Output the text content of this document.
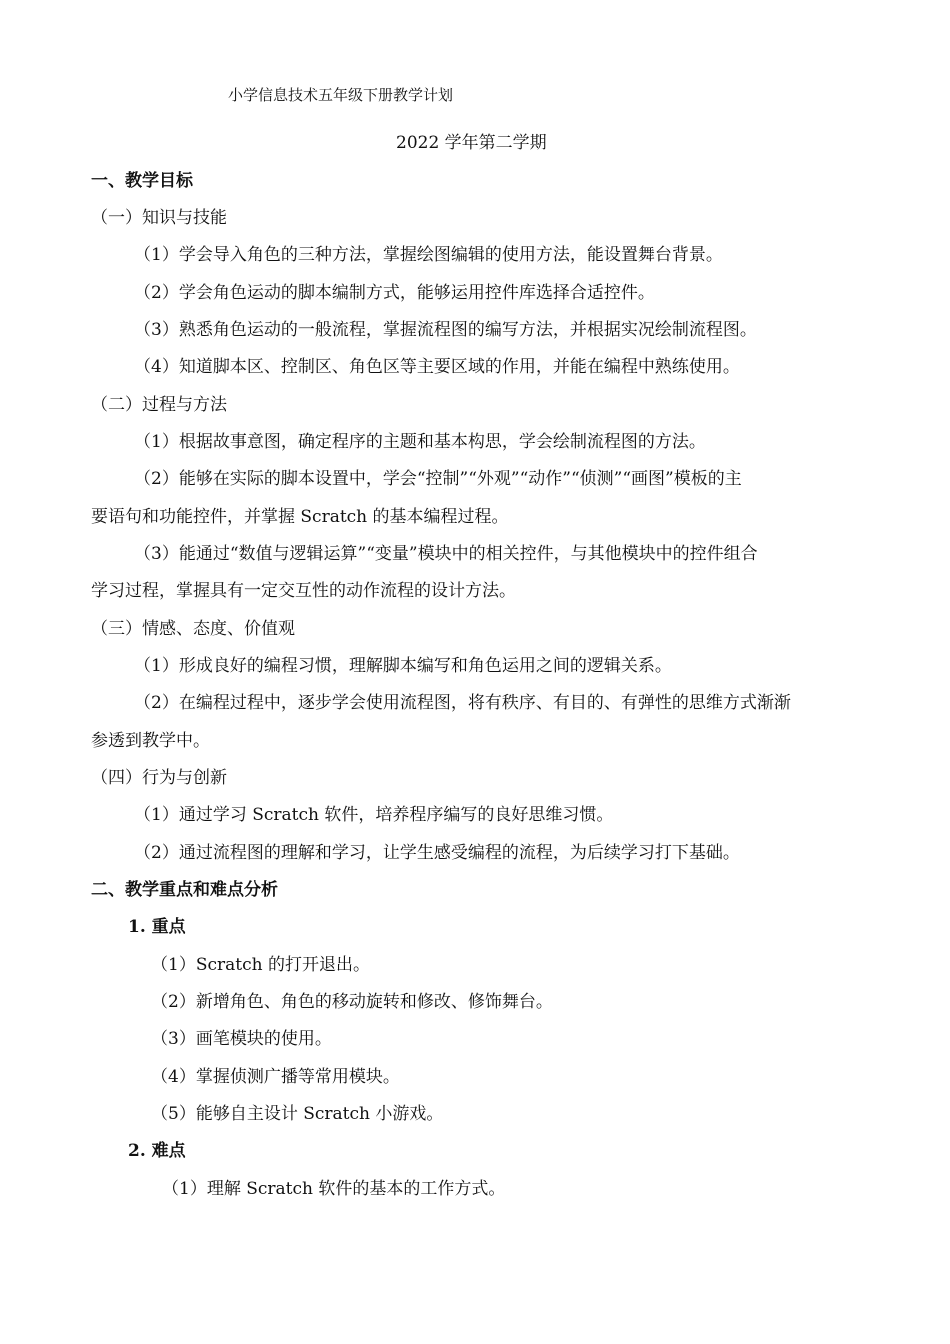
小学信息技术五年级下册教学计划
2022 学年第二学期
一、教学目标
（一）知识与技能
（1）学会导入角色的三种方法，掌握绘图编辑的使用方法，能设置舞台背景。
（2）学会角色运动的脚本编制方式，能够运用控件库选择合适控件。
（3）熟悉角色运动的一般流程，掌握流程图的编写方法，并根据实况绘制流程图。
（4）知道脚本区、控制区、角色区等主要区域的作用，并能在编程中熟练使用。
（二）过程与方法
（1）根据故事意图，确定程序的主题和基本构思，学会绘制流程图的方法。
（2）能够在实际的脚本设置中，学会“控制”“外观”“动作”“侦测”“画图”模板的主
要语句和功能控件，并掌握 Scratch 的基本编程过程。
（3）能通过“数值与逻辑运算”“变量”模块中的相关控件，与其他模块中的控件组合
学习过程，掌握具有一定交互性的动作流程的设计方法。
（三）情感、态度、价值观
（1）形成良好的编程习惯，理解脚本编写和角色运用之间的逻辑关系。
（2）在编程过程中，逐步学会使用流程图，将有秩序、有目的、有弹性的思维方式渐渐
参透到教学中。
（四）行为与创新
（1）通过学习 Scratch 软件，培养程序编写的良好思维习惯。
（2）通过流程图的理解和学习，让学生感受编程的流程，为后续学习打下基础。
二、教学重点和难点分析
1. 重点
（1）Scratch 的打开退出。
（2）新增角色、角色的移动旋转和修改、修饰舞台。
（3）画笔模块的使用。
（4）掌握侦测广播等常用模块。
（5）能够自主设计 Scratch 小游戏。
2. 难点
（1）理解 Scratch 软件的基本的工作方式。
